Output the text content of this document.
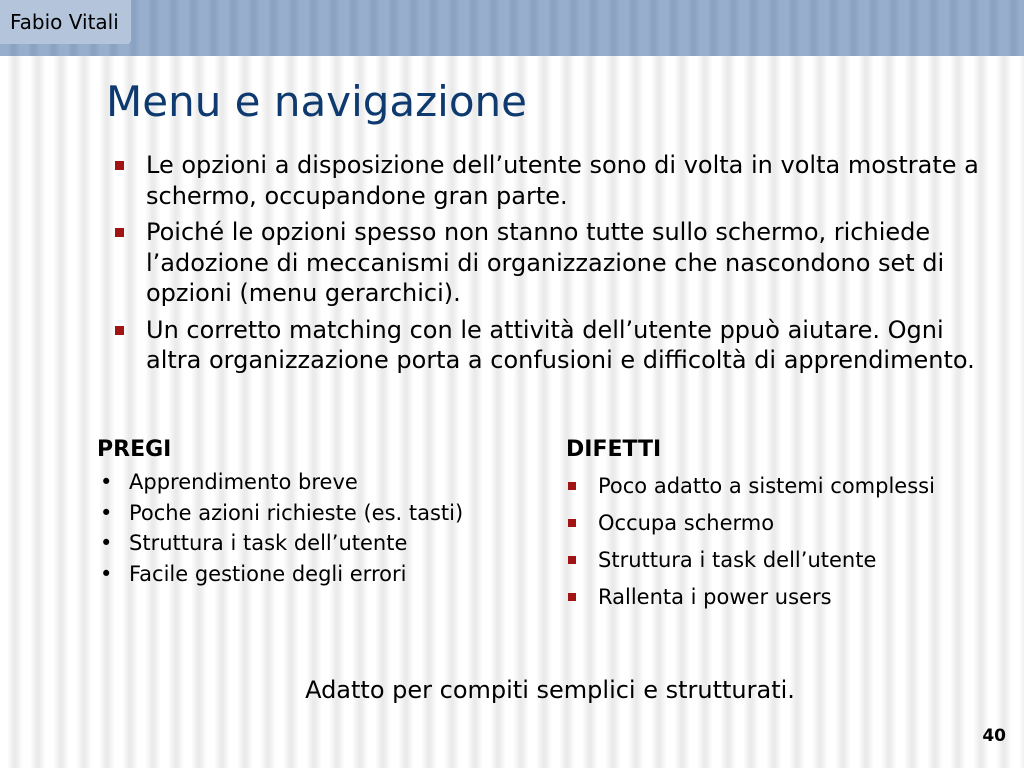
Fabio Vitali
Menu e navigazione
Le opzioni a disposizione dell’utente sono di volta in volta mostrate a schermo, occupandone gran parte.
Poiché le opzioni spesso non stanno tutte sullo schermo, richiede l’adozione di meccanismi di organizzazione che nascondono set di opzioni (menu gerarchici).
Un corretto matching con le attività dell’utente ppuò aiutare. Ogni altra organizzazione porta a confusioni e difficoltà di apprendimento.
PREGI
• Apprendimento breve
• Poche azioni richieste (es. tasti)
• Struttura i task dell’utente
• Facile gestione degli errori
DIFETTI
Poco adatto a sistemi complessi
Occupa schermo
Struttura i task dell’utente
Rallenta i power users
Adatto per compiti semplici e strutturati.
40
